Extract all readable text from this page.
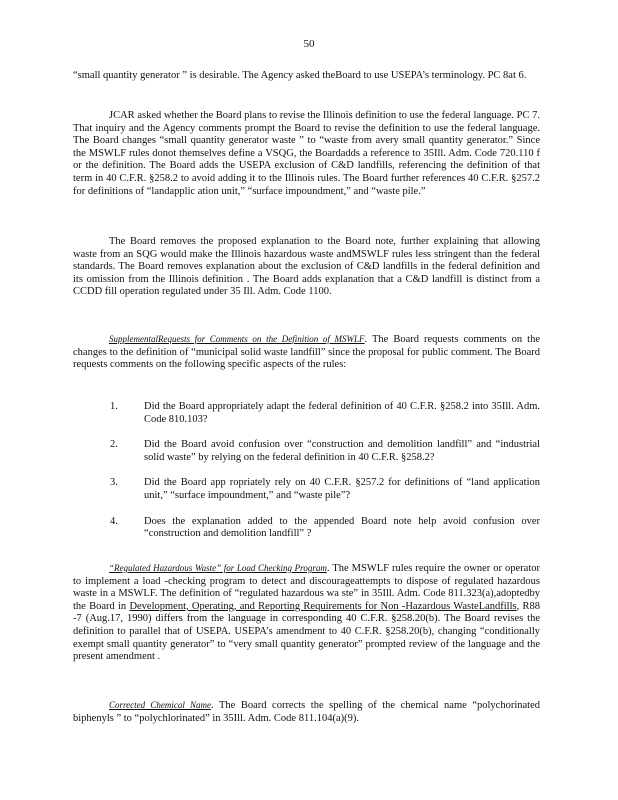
50

“small quantity generator ” is desirable. The Agency asked theBoard to use USEPA’s terminology. PC 8at 6.

JCAR asked whether the Board plans to revise the Illinois definition to use the federal language. PC 7. That inquiry and the Agency comments prompt the Board to revise the definition to use the federal language. The Board changes “small quantity generator waste ” to “waste from avery small quantity generator.” Since the MSWLF rules donot themselves define a VSQG, the Boardadds a reference to 35Ill. Adm. Code 720.110 f or the definition. The Board adds the USEPA exclusion of C&D landfills, referencing the definition of that term in 40 C.F.R. §258.2 to avoid adding it to the Illinois rules. The Board further references 40 C.F.R. §257.2 for definitions of “landapplic ation unit,” “surface impoundment,” and “waste pile.”

The Board removes the proposed explanation to the Board note, further explaining that allowing waste from an SQG would make the Illinois hazardous waste andMSWLF rules less stringent than the federal standards. The Board removes explanation about the exclusion of C&D landfills in the federal definition and its omission from the Illinois definition . The Board adds explanation that a C&D landfill is distinct from a CCDD fill operation regulated under 35 Ill. Adm. Code 1100.

SupplementalRequests for Comments on the Definition of MSWLF. The Board requests comments on the changes to the definition of “municipal solid waste landfill” since the proposal for public comment. The Board requests comments on the following specific aspects of the rules:

1. Did the Board appropriately adapt the federal definition of 40 C.F.R. §258.2 into 35Ill. Adm. Code 810.103?
2. Did the Board avoid confusion over “construction and demolition landfill” and “industrial solid waste” by relying on the federal definition in 40 C.F.R. §258.2?
3. Did the Board app ropriately rely on 40 C.F.R. §257.2 for definitions of “land application unit,” “surface impoundment,” and “waste pile”?
4. Does the explanation added to the appended Board note help avoid confusion over “construction and demolition landfill” ?

“Regulated Hazardous Waste” for Load Checking Program. The MSWLF rules require the owner or operator to implement a load -checking program to detect and discourageattempts to dispose of regulated hazardous waste in a MSWLF. The definition of “regulated hazardous wa ste” in 35Ill. Adm. Code 811.323(a),adoptedby the Board in Development, Operating, and Reporting Requirements for Non -Hazardous WasteLandfills, R88 -7 (Aug.17, 1990) differs from the language in corresponding 40 C.F.R. §258.20(b). The Board revises the definition to parallel that of USEPA. USEPA’s amendment to 40 C.F.R. §258.20(b), changing “conditionally exempt small quantity generator” to “very small quantity generator” prompted review of the language and the present amendment .

Corrected Chemical Name. The Board corrects the spelling of the chemical name “polychorinated biphenyls ” to “polychlorinated” in 35Ill. Adm. Code 811.104(a)(9).
